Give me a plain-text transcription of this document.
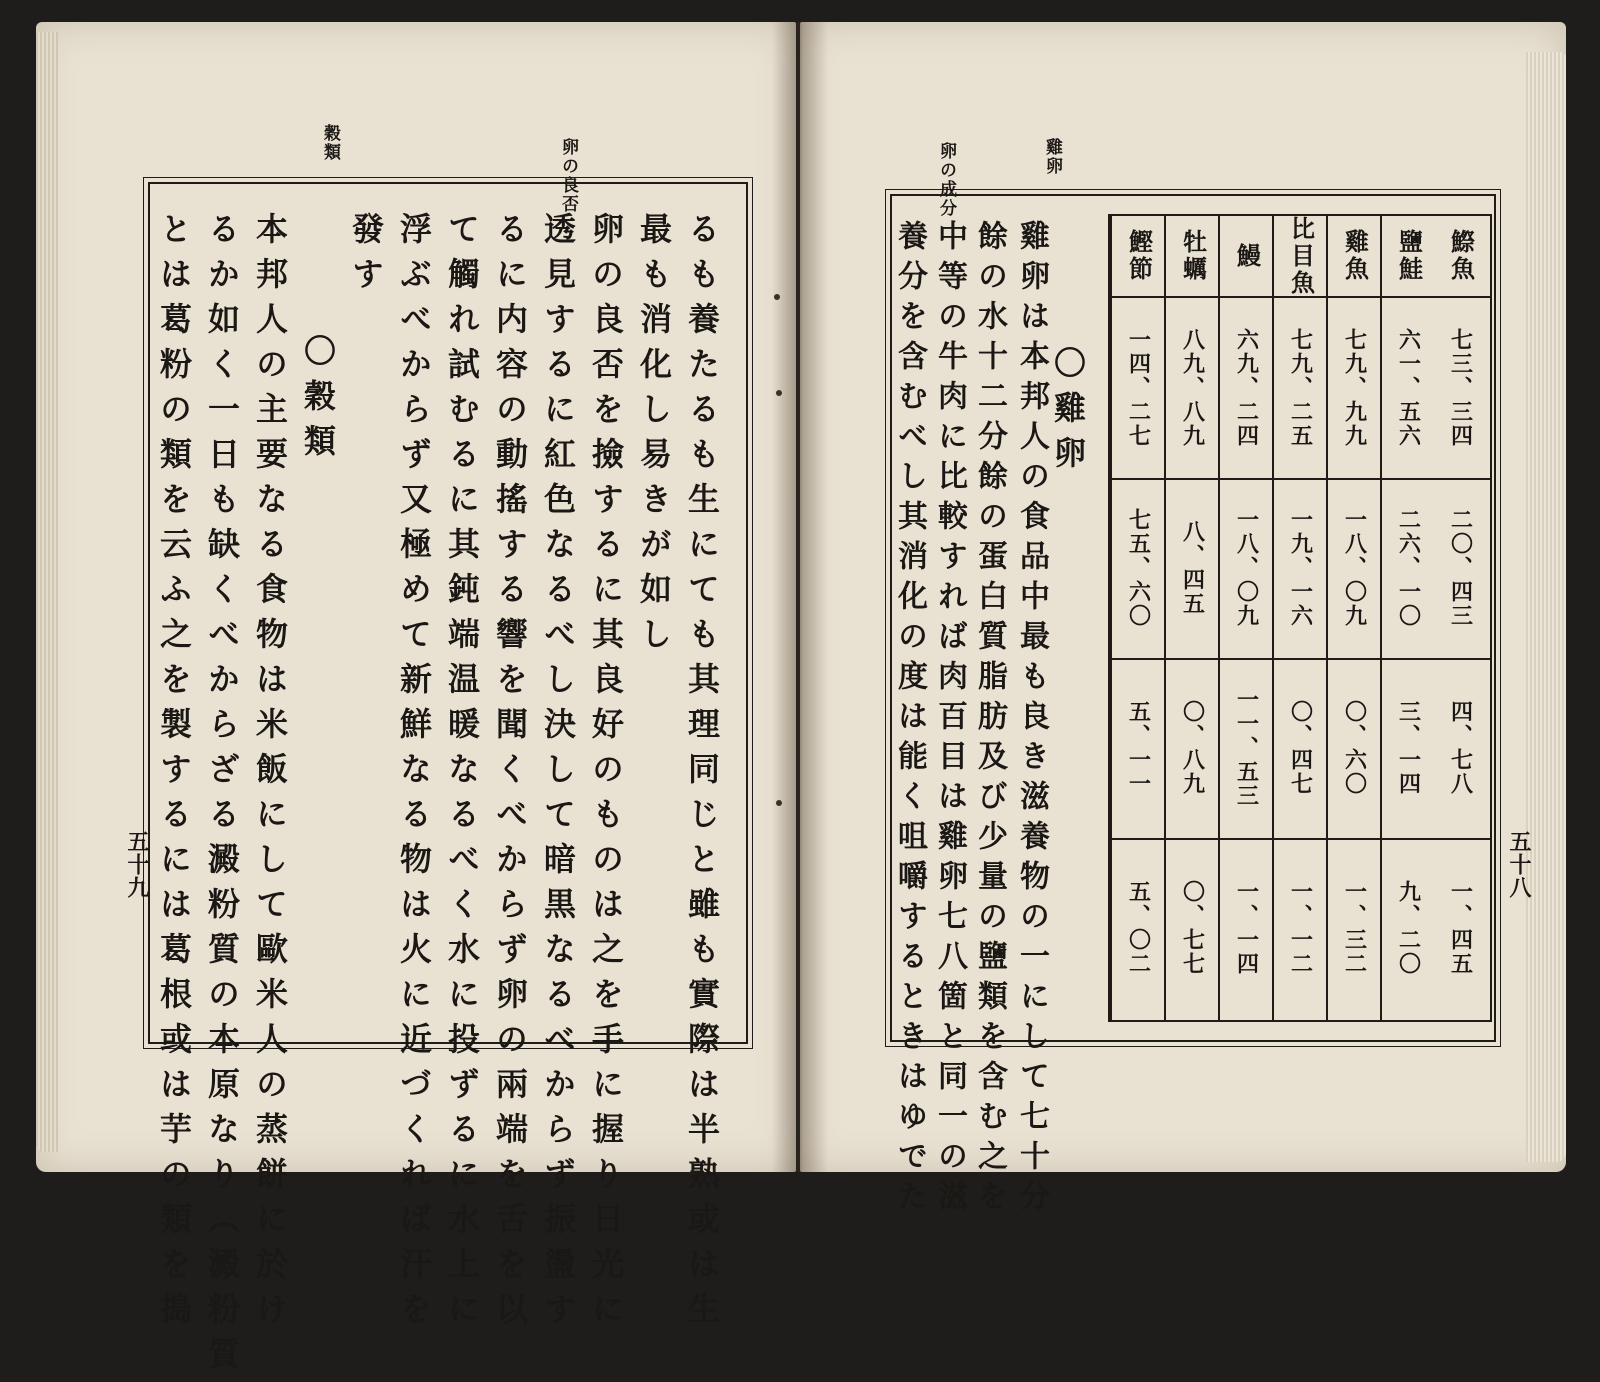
穀類	卵の良否
るも養たるも生にても其理同じと雖も實際は半熟或は生
最も消化し易きが如し
卵の良否を撿するに其良好のものは之を手に握り日光に
透見するに紅色なるべし決して暗黒なるべからず振盪す
るに内容の動搖する響を聞くべからず卵の兩端を舌を以
て觸れ試むるに其鈍端温暖なるべく水に投ずるに水上に
浮ぶべからず又極めて新鮮なる物は火に近づくれば汗を
發す
〇穀類
本邦人の主要なる食物は米飯にして歐米人の蒸餅に於け
るか如く一日も缺くべからざる澱粉質の本原なり（澱粉質
とは葛粉の類を云ふ之を製するには葛根或は芋の類を搗
五十九
雞卵
卵の成分
鰶魚
七三、三四
二〇、四三
四、七八
一、四五
鹽鮭
六一、五六
二六、一〇
三、一四
九、二〇
雞魚
七九、九九
一八、〇九
〇、六〇
一、三二
比目魚
七九、二五
一九、一六
〇、四七
一、一二
鰻
六九、二四
一八、〇九
一一、五三
一、一四
牡蠣
八九、八九
八、四五
〇、八九
〇、七七
鰹節
一四、二七
七五、六〇
五、一一
五、〇二
〇雞卵
雞卵は本邦人の食品中最も良き滋養物の一にして七十分
餘の水十二分餘の蛋白質脂肪及び少量の鹽類を含む之を
中等の牛肉に比較すれば肉百目は雞卵七八箇と同一の滋
養分を含むべし其消化の度は能く咀嚼するときはゆでた	五十八
